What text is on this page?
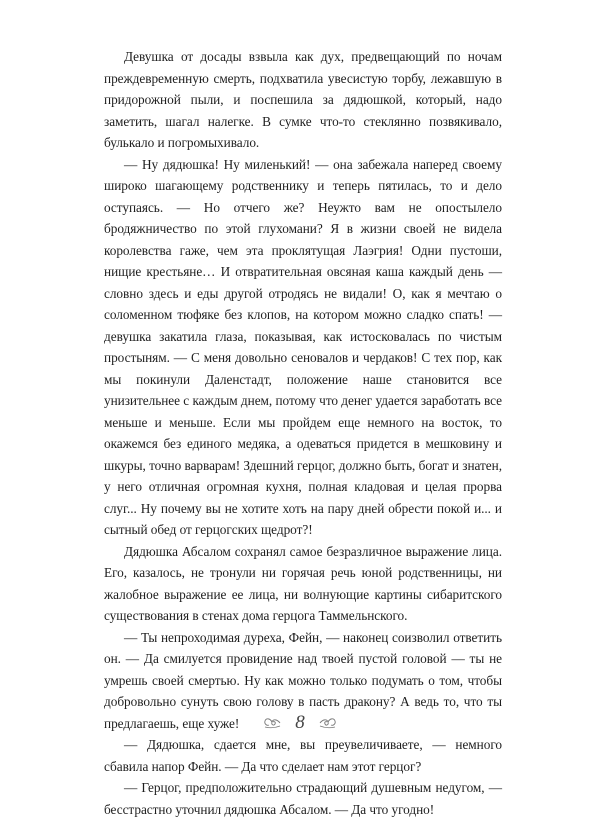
Девушка от досады взвыла как дух, предвещающий по ночам преждевременную смерть, подхватила увесистую торбу, лежавшую в придорожной пыли, и поспешила за дядюшкой, который, надо заметить, шагал налегке. В сумке что-то стеклянно позвякивало, булькало и погромыхивало.

— Ну дядюшка! Ну миленький! — она забежала наперед своему широко шагающему родственнику и теперь пятилась, то и дело оступаясь. — Но отчего же? Неужто вам не опостылело бродяжничество по этой глухомани? Я в жизни своей не видела королевства гаже, чем эта проклятущая Лаэгрия! Одни пустоши, нищие крестьяне… И отвратительная овсяная каша каждый день — словно здесь и еды другой отродясь не видали! О, как я мечтаю о соломенном тюфяке без клопов, на котором можно сладко спать! — девушка закатила глаза, показывая, как истосковалась по чистым простыням. — С меня довольно сеновалов и чердаков! С тех пор, как мы покинули Даленстадт, положение наше становится все унизительнее с каждым днем, потому что денег удается заработать все меньше и меньше. Если мы пройдем еще немного на восток, то окажемся без единого медяка, а одеваться придется в мешковину и шкуры, точно варварам! Здешний герцог, должно быть, богат и знатен, у него отличная огромная кухня, полная кладовая и целая прорва слуг... Ну почему вы не хотите хоть на пару дней обрести покой и... и сытный обед от герцогских щедрот?!

Дядюшка Абсалом сохранял самое безразличное выражение лица. Его, казалось, не тронули ни горячая речь юной родственницы, ни жалобное выражение ее лица, ни волнующие картины сибаритского существования в стенах дома герцога Таммельнского.

— Ты непроходимая дуреха, Фейн, — наконец соизволил ответить он. — Да смилуется провидение над твоей пустой головой — ты не умрешь своей смертью. Ну как можно только подумать о том, чтобы добровольно сунуть свою голову в пасть дракону? А ведь то, что ты предлагаешь, еще хуже!

— Дядюшка, сдается мне, вы преувеличиваете, — немного сбавила напор Фейн. — Да что сделает нам этот герцог?

— Герцог, предположительно страдающий душевным недугом, — бесстрастно уточнил дядюшка Абсалом. — Да что угодно!

8
